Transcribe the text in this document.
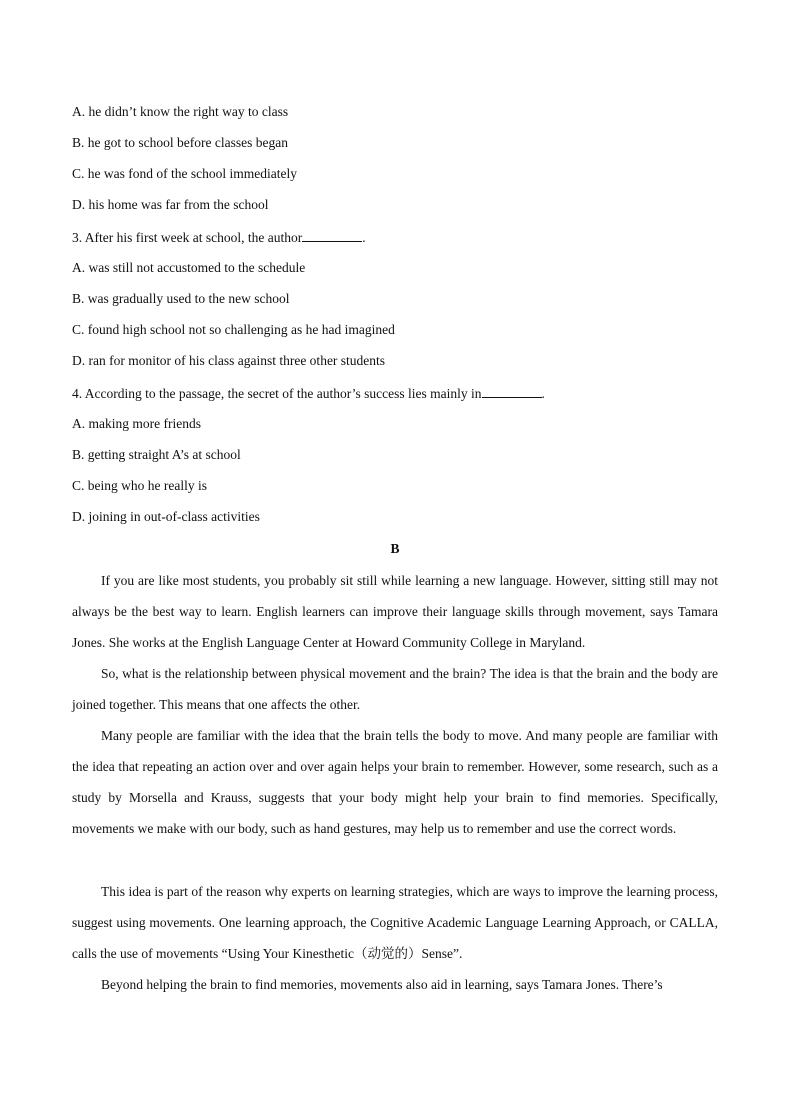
A. he didn’t know the right way to class
B. he got to school before classes began
C. he was fond of the school immediately
D. his home was far from the school
3. After his first week at school, the author	.
A. was still not accustomed to the schedule
B. was gradually used to the new school
C. found high school not so challenging as he had imagined
D. ran for monitor of his class against three other students
4. According to the passage, the secret of the author’s success lies mainly in	.
A. making more friends
B. getting straight A’s at school
C. being who he really is
D. joining in out-of-class activities
B

If you are like most students, you probably sit still while learning a new language. However, sitting still may not always be the best way to learn. English learners can improve their language skills through movement, says Tamara Jones. She works at the English Language Center at Howard Community College in Maryland.

So, what is the relationship between physical movement and the brain? The idea is that the brain and the body are joined together. This means that one affects the other.

Many people are familiar with the idea that the brain tells the body to move. And many people are familiar with the idea that repeating an action over and over again helps your brain to remember. However, some research, such as a study by Morsella and Krauss, suggests that your body might help your brain to find memories. Specifically, movements we make with our body, such as hand gestures, may help us to remember and use the correct words.

This idea is part of the reason why experts on learning strategies, which are ways to improve the learning process, suggest using movements. One learning approach, the Cognitive Academic Language Learning Approach, or CALLA, calls the use of movements “Using Your Kinesthetic（动觉的）Sense”.

Beyond helping the brain to find memories, movements also aid in learning, says Tamara Jones. There’s
